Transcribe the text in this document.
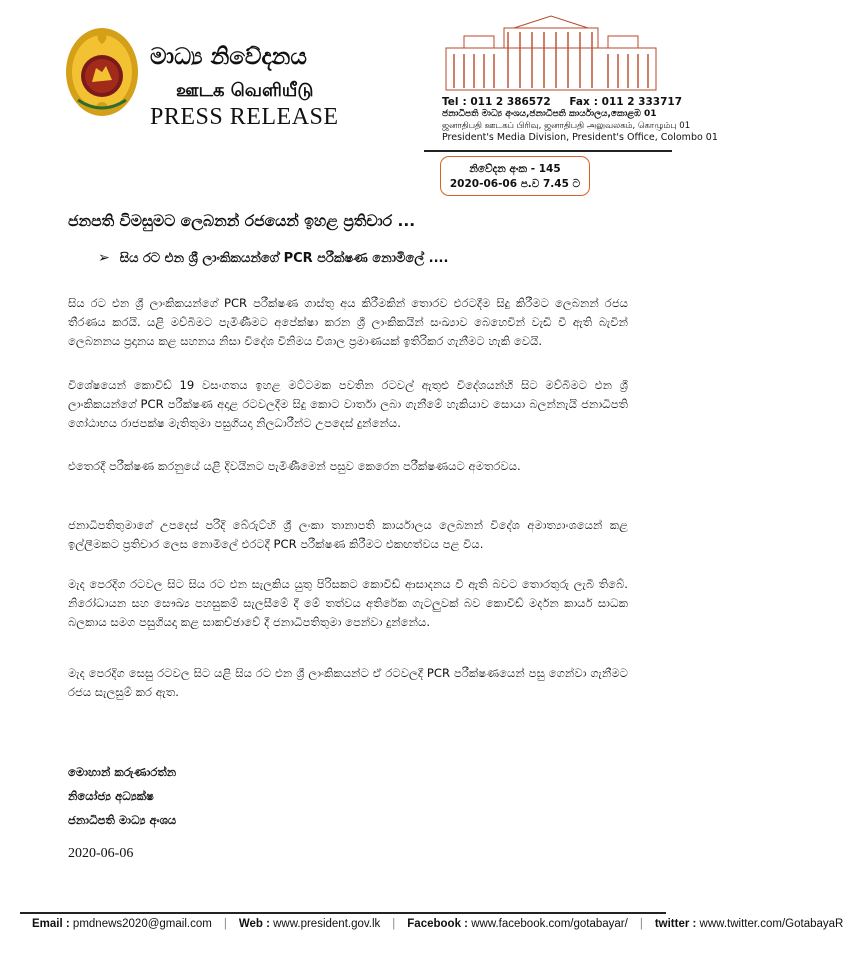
මාධ්‍ය නිවේදනය
ஊடக வெளியீடு
PRESS RELEASE
Tel : 011 2 386572 Fax : 011 2 333717
ජනාධිපති මාධ්‍ය අංශය,ජනාධිපති කාර්යාලය,කොළඹ 01
ஜனாதிபதி ஊடகப் பிரிவு, ஜனாதிபதி அலுவலகம், கொழும்பு 01
President's Media Division, President's Office, Colombo 01
නිවේදන අංක - 145
2020-06-06 ප.ව 7.45 ට
ජනපති විමසුමට ලෙබනන් රජයෙන් ඉහළ ප්‍රතිචාර ...
➢ සිය රට එන ශ්‍රී ලාංකිකයන්ගේ PCR පරීක්ෂණ නොමිලේ ....
සිය රට එන ශ්‍රී ලාංකිකයන්ගේ PCR පරීක්ෂණ ගාස්තු අය කිරීමකින් තොරව එරටදීම සිදු කිරීමට ලෙබනන් රජය තීරණය කරයි. යළි මව්බිමට පැමිණීමට අපේක්ෂා කරන ශ්‍රී ලාංකිකයින් සංඛ්‍යාව බෙහෙවින් වැඩි වී ඇති බැවින් ලෙබනනය ප්‍රදානය කළ සහනය නිසා විදේශ විනිමය විශාල ප්‍රමාණයක් ඉතිරිකර ගැනීමට හැකි වෙයි.
විශේෂයෙන් කොවිඩ් 19 වසංගතය ඉහළ මට්ටමක පවතින රටවල් ඇතුළු විදේශයන්හි සිට මව්බිමට එන ශ්‍රී ලාංකිකයන්ගේ PCR පරීක්ෂණ අදාළ රටවලදීම සිදු කොට වාර්තා ලබා ගැනීමේ හැකියාව සොයා බලන්නැයි ජනාධිපති ගෝඨාභය රාජපක්ෂ මැතිතුමා පසුගියදා නිලධාරීන්ට උපදෙස් දුන්නේය.
එතෙරදී පරීක්ෂණ කරනුයේ යළි දිවයිනට පැමිණීමෙන් පසුව කෙරෙන පරීක්ෂණයට අමතරවය.
ජනාධිපතිතුමාගේ උපදෙස් පරිදි බේරුට්හි ශ්‍රී ලංකා තානාපති කාර්යාලය ලෙබනන් විදේශ අමාත්‍යාංශයෙන් කළ ඉල්ලීමකට ප්‍රතිචාර ලෙස නොමිලේ එරටදී PCR පරීක්ෂණ කිරීමට එකඟත්වය පළ විය.
මැද පෙරදිග රටවල සිට සිය රට එන සැලකිය යුතු පිරිසකට කොවිඩ් ආසාදනය වී ඇති බවට තොරතුරු ලැබී තිබේ. නිරෝධායන සහ සෞඛ්‍ය පහසුකම් සැලසීමේ දී මේ තත්වය අතිරේක ගැටලුවක් බව කොවිඩ් මර්දන කාර්ය සාධක බලකාය සමග පසුගියදා කළ සාකච්ඡාවේ දී ජනාධිපතිතුමා පෙන්වා දුන්නේය.
මැද පෙරදිග සෙසු රටවල සිට යළි සිය රට එන ශ්‍රී ලාංකිකයන්ට ඒ රටවලදී PCR පරීක්ෂණයෙන් පසු ගෙන්වා ගැනීමට රජය සැලසුම් කර ඇත.
මොහාන් කරුණාරත්න
නියෝජ්‍ය අධ්‍යක්ෂ
ජනාධිපති මාධ්‍ය අංශය
2020-06-06
Email : pmdnews2020@gmail.com | Web : www.president.gov.lk | Facebook : www.facebook.com/gotabayar/ | twitter : www.twitter.com/GotabayaR
